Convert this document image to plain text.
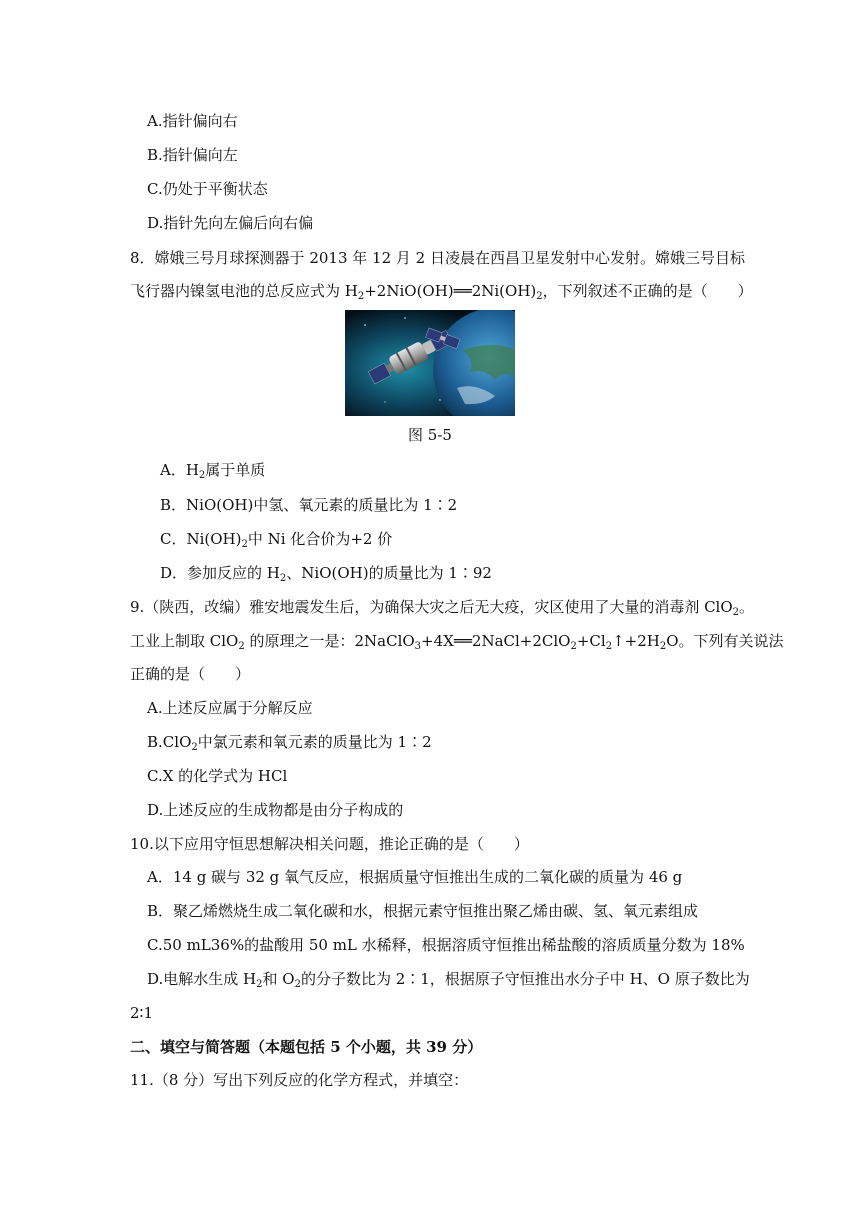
A.指针偏向右
B.指针偏向左
C.仍处于平衡状态
D.指针先向左偏后向右偏
8．嫦娥三号月球探测器于 2013 年 12 月 2 日凌晨在西昌卫星发射中心发射。嫦娥三号目标
飞行器内镍氢电池的总反应式为 $H_2+2NiO(OH)══2Ni(OH)_2$，下列叙述不正确的是（　　）
图 5-5
A．$H_2$属于单质
B．NiO(OH)中氢、氧元素的质量比为 1∶2
C．$Ni(OH)_2$中 Ni 化合价为+2 价
D．参加反应的 $H_2$、NiO(OH)的质量比为 1∶92
9.（陕西，改编）雅安地震发生后，为确保大灾之后无大疫，灾区使用了大量的消毒剂 ClO$_2$。
工业上制取 ClO$_2$ 的原理之一是：$2NaClO_3+4X══2NaCl+2ClO_2+Cl_2↑+2H_2O$。下列有关说法
正确的是（　　）
A.上述反应属于分解反应
B.ClO$_2$中氯元素和氧元素的质量比为 1∶2
C.X 的化学式为 HCl
D.上述反应的生成物都是由分子构成的
10.以下应用守恒思想解决相关问题，推论正确的是（　　）
A．14 g 碳与 32 g 氧气反应，根据质量守恒推出生成的二氧化碳的质量为 46 g
B．聚乙烯燃烧生成二氧化碳和水，根据元素守恒推出聚乙烯由碳、氢、氧元素组成
C.50 mL36%的盐酸用 50 mL 水稀释，根据溶质守恒推出稀盐酸的溶质质量分数为 18%
D.电解水生成 $H_2$和 $O_2$的分子数比为 2∶1，根据原子守恒推出水分子中 H、O 原子数比为
2∶1
二、填空与简答题（本题包括 5 个小题，共 39 分）
11.（8 分）写出下列反应的化学方程式，并填空：
